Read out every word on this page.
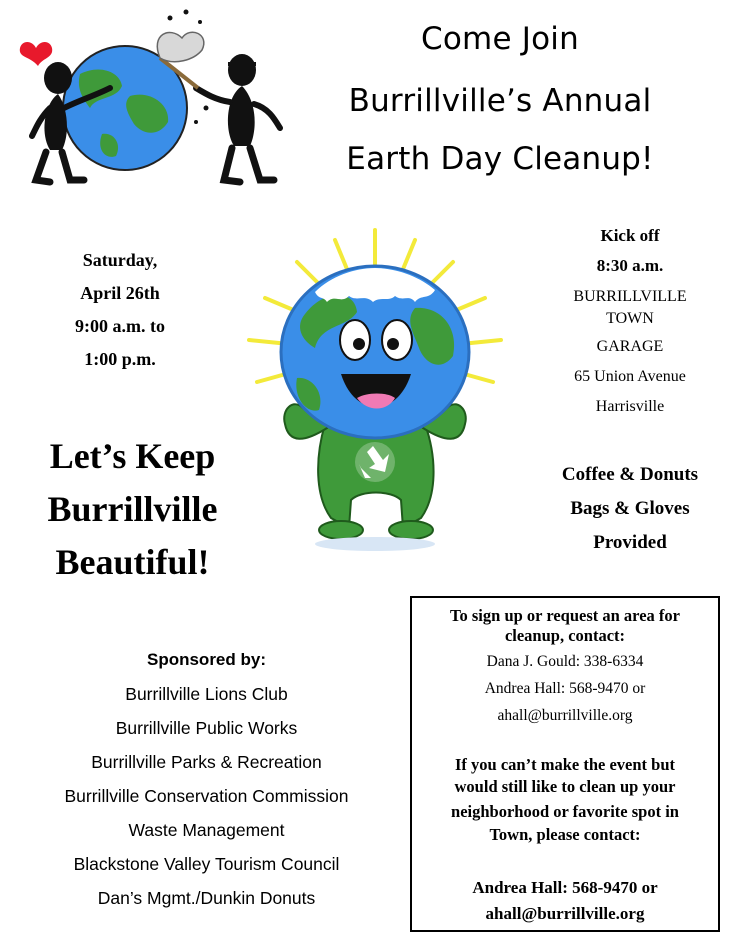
Come Join
Burrillville’s Annual
Earth Day Cleanup!
Saturday,
April 26th
9:00 a.m. to
1:00 p.m.
Let’s Keep
Burrillville
Beautiful!
Kick off
8:30 a.m.
BURRILLVILLE
TOWN
GARAGE
65 Union Avenue
Harrisville
Coffee & Donuts
Bags & Gloves
Provided
Sponsored by:
Burrillville Lions Club
Burrillville Public Works
Burrillville Parks & Recreation
Burrillville Conservation Commission
Waste Management
Blackstone Valley Tourism Council
Dan’s Mgmt./Dunkin Donuts
To sign up or request an area for
cleanup, contact:
Dana J. Gould: 338-6334
Andrea Hall: 568-9470 or
ahall@burrillville.org
If you can’t make the event but
would still like to clean up your
neighborhood or favorite spot in
Town, please contact:
Andrea Hall: 568-9470 or
ahall@burrillville.org
